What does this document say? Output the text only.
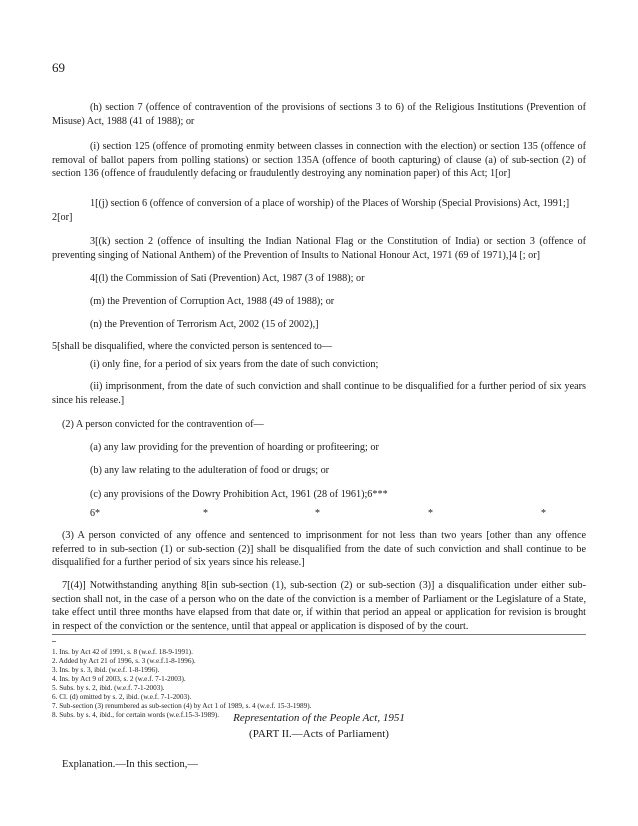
69
(h) section 7 (offence of contravention of the provisions of sections 3 to 6) of the Religious Institutions (Prevention of Misuse) Act, 1988 (41 of 1988); or
(i) section 125 (offence of promoting enmity between classes in connection with the election) or section 135 (offence of removal of ballot papers from polling stations) or section 135A (offence of booth capturing) of clause (a) of sub-section (2) of section 136 (offence of fraudulently defacing or fraudulently destroying any nomination paper) of this Act; 1[or]
1[(j) section 6 (offence of conversion of a place of worship) of the Places of Worship (Special Provisions) Act, 1991;]
2[or]
3[(k) section 2 (offence of insulting the Indian National Flag or the Constitution of India) or section 3 (offence of preventing singing of National Anthem) of the Prevention of Insults to National Honour Act, 1971 (69 of 1971),]4 [; or]
4[(l) the Commission of Sati (Prevention) Act, 1987 (3 of 1988); or
(m) the Prevention of Corruption Act, 1988 (49 of 1988); or
(n) the Prevention of Terrorism Act, 2002 (15 of 2002),]
5[shall be disqualified, where the convicted person is sentenced to—
(i) only fine, for a period of six years from the date of such conviction;
(ii) imprisonment, from the date of such conviction and shall continue to be disqualified for a further period of six years since his release.]
(2) A person convicted for the contravention of—
(a) any law providing for the prevention of hoarding or profiteering; or
(b) any law relating to the adulteration of food or drugs; or
(c) any provisions of the Dowry Prohibition Act, 1961 (28 of 1961);6***
6*	*	*	*	*
(3) A person convicted of any offence and sentenced to imprisonment for not less than two years [other than any offence referred to in sub-section (1) or sub-section (2)] shall be disqualified from the date of such conviction and shall continue to be disqualified for a further period of six years since his release.]
7[(4)] Notwithstanding anything 8[in sub-section (1), sub-section (2) or sub-section (3)] a disqualification under either sub-section shall not, in the case of a person who on the date of the conviction is a member of Parliament or the Legislature of a State, take effect until three months have elapsed from that date or, if within that period an appeal or application for revision is brought in respect of the conviction or the sentence, until that appeal or application is disposed of by the court.
1. Ins. by Act 42 of 1991, s. 8 (w.e.f. 18-9-1991).
2. Added by Act 21 of 1996, s. 3 (w.e.f.1-8-1996).
3. Ins. by s. 3, ibid. (w.e.f. 1-8-1996).
4. Ins. by Act 9 of 2003, s. 2 (w.e.f. 7-1-2003).
5. Subs. by s. 2, ibid. (w.e.f. 7-1-2003).
6. Cl. (d) omitted by s. 2, ibid. (w.e.f. 7-1-2003).
7. Sub-section (3) renumbered as sub-section (4) by Act 1 of 1989, s. 4 (w.e.f. 15-3-1989).
8. Subs. by s. 4, ibid., for certain words (w.e.f.15-3-1989).	Representation of the People Act, 1951
(PART II.—Acts of Parliament)
Explanation.—In this section,—
